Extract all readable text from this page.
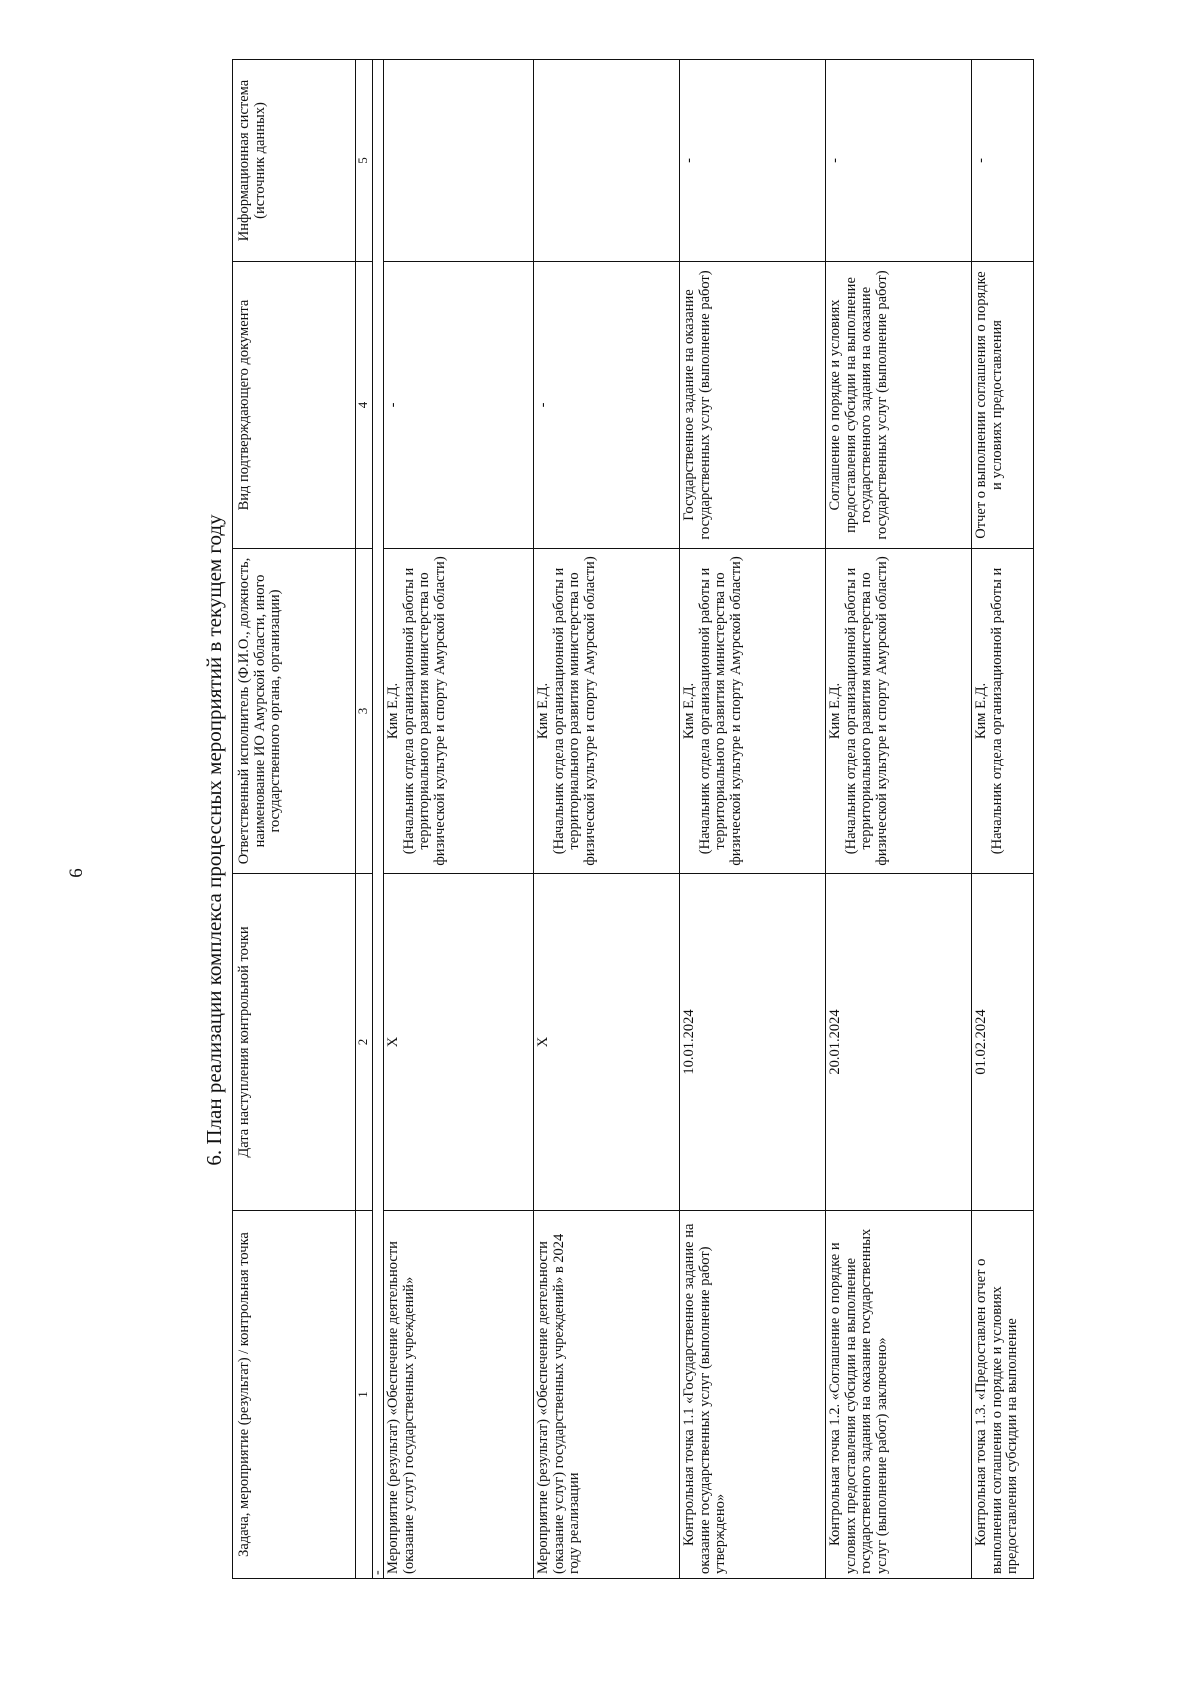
6	6. План реализации комплекса процессных мероприятий в текущем году
Задача, мероприятие (результат) / контрольная точка	Дата наступления контрольной точки	Ответственный исполнитель (Ф.И.О., должность, наименование ИО Амурской области, иного государственного органа, организации)	Вид подтверждающего документа	Информационная система (источник данных)
1	2	3	4	5
-				
Мероприятие (результат) «Обеспечение деятельности (оказание услуг) государственных учреждений»	X	Ким Е.Д. (Начальник отдела организационной работы и территориального развития министерства по физической культуре и спорту Амурской области)	-	
Мероприятие (результат) «Обеспечение деятельности (оказание услуг) государственных учреждений» в 2024 году реализации	X	Ким Е.Д. (Начальник отдела организационной работы и территориального развития министерства по физической культуре и спорту Амурской области)	-	
Контрольная точка 1.1 «Государственное задание на оказание государственных услуг (выполнение работ) утверждено»	10.01.2024	Ким Е.Д. (Начальник отдела организационной работы и территориального развития министерства по физической культуре и спорту Амурской области)	Государственное задание на оказание государственных услуг (выполнение работ)	-
Контрольная точка 1.2. «Соглашение о порядке и условиях предоставления субсидии на выполнение государственного задания на оказание государственных услуг (выполнение работ) заключено»	20.01.2024	Ким Е.Д. (Начальник отдела организационной работы и территориального развития министерства по физической культуре и спорту Амурской области)	Соглашение о порядке и условиях предоставления субсидии на выполнение государственного задания на оказание государственных услуг (выполнение работ)	-
Контрольная точка 1.3. «Предоставлен отчет о выполнении соглашения о порядке и условиях предоставления субсидии на выполнение	01.02.2024	Ким Е.Д. (Начальник отдела организационной работы и	Отчет о выполнении соглашения о порядке и условиях предоставления	-
